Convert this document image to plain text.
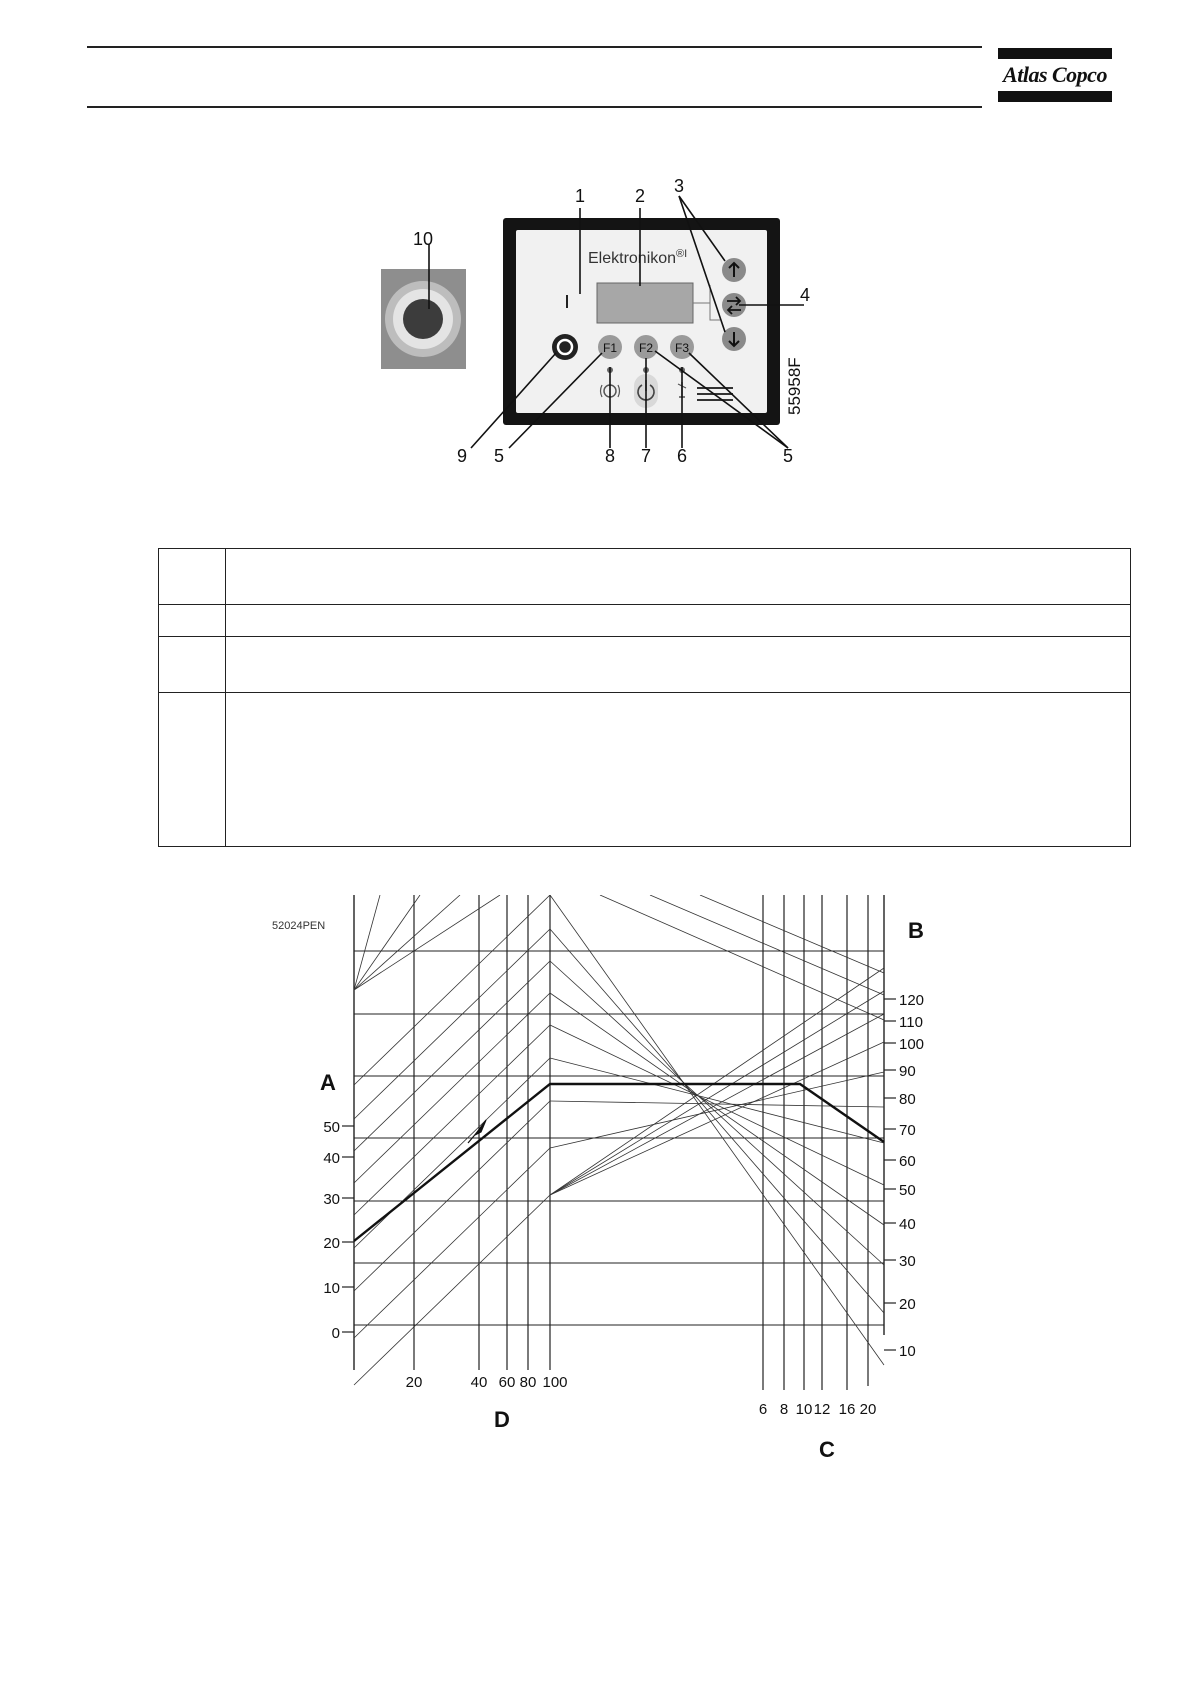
Atlas Copco
Elektronikon$^{®I}$
F1 F2 F3
55958F
1	2 3
4
5	6
7
8
9
10
5

0
10
20
30
40
50
10
20
30
40
50
60
70
80
90
100
110
120
20	40 60 80 100
6 8 10 12 16 20
52024PEN
A
B
C
D
